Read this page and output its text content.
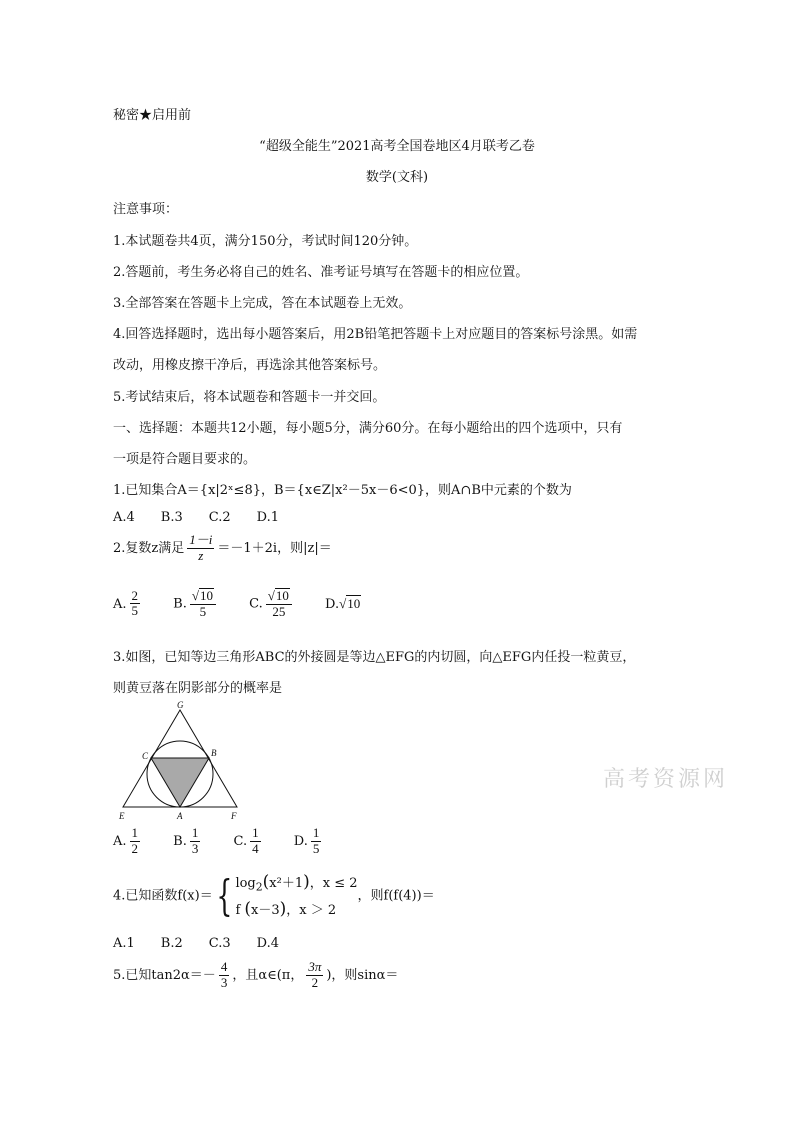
秘密★启用前
“超级全能生”2021高考全国卷地区4月联考乙卷
数学(文科)
注意事项：
1.本试题卷共4页，满分150分，考试时间120分钟。
2.答题前，考生务必将自己的姓名、准考证号填写在答题卡的相应位置。
3.全部答案在答题卡上完成，答在本试题卷上无效。
4.回答选择题时，选出每小题答案后，用2B铅笔把答题卡上对应题目的答案标号涂黑。如需
改动，用橡皮擦干净后，再选涂其他答案标号。
5.考试结束后，将本试题卷和答题卡一并交回。
一、选择题：本题共12小题，每小题5分，满分60分。在每小题给出的四个选项中，只有
一项是符合题目要求的。
1.已知集合A＝{x|2ˣ≤8}，B＝{x∈Z|x²－5x－6<0}，则A∩B中元素的个数为
A.4 B.3 C.2 D.1
2.复数z满足 $\frac{1-i}{z} =-1+2i$，则|z|＝
A. $\frac{2}{5}$	B. $\frac{√10}{5}$	C. $\frac{√10}{25}$	D.√10
3.如图，已知等边三角形ABC的外接圆是等边△EFG的内切圆，向△EFG内任投一粒黄豆，
则黄豆落在阴影部分的概率是
G
C	B
E	A	F
高考资源网
A. $\frac{1}{2}$	B. $\frac{1}{3}$	C. $\frac{1}{4}$	D. $\frac{1}{5}$
4.已知函数f(x)＝{ $\log_2(x^2+1)$，x ≤ 2
f (x－3)，x ＞ 2
，则f(f(4))＝
A.1 B.2 C.3 D.4
5.已知$\tan 2\alpha=- \frac{4}{3}$ ，且α∈(π， $\frac{3\pi}{2}$ )，则sinα＝
